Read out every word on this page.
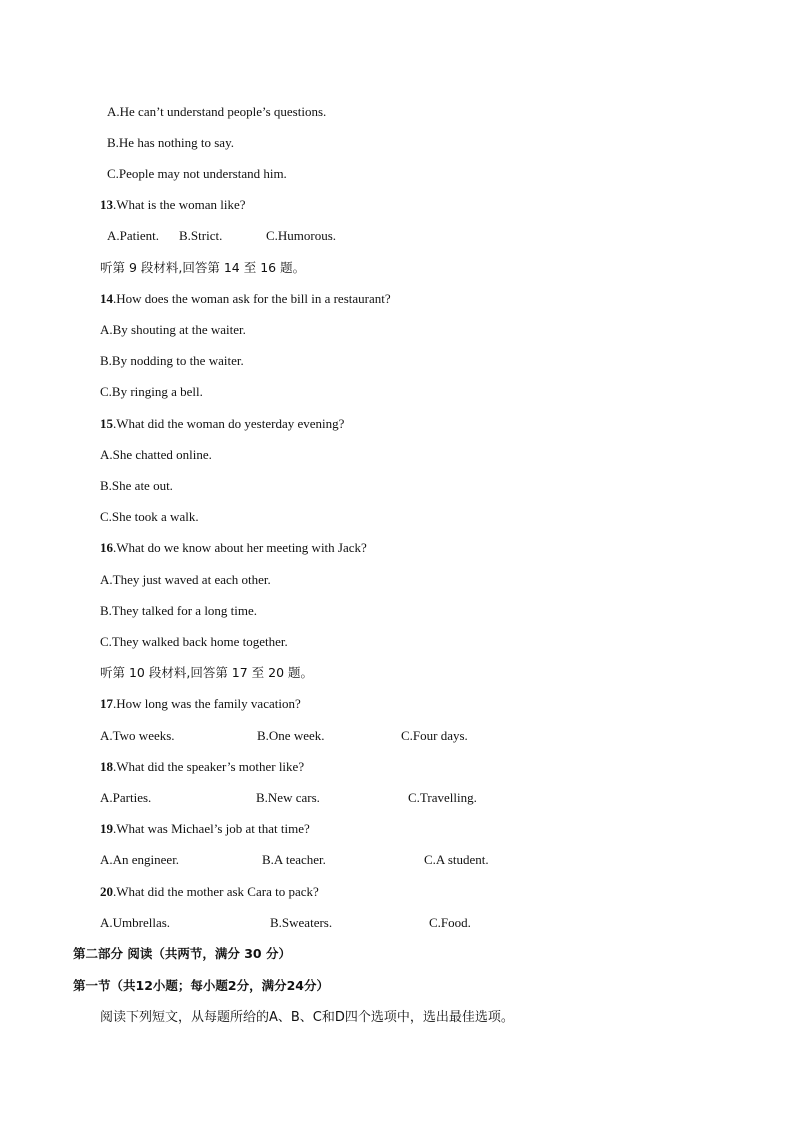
A.He can’t understand people’s questions.
B.He has nothing to say.
C.People may not understand him.
13.What is the woman like?
A.Patient. B.Strict.	C.Humorous.
听第 9 段材料,回答第 14 至 16 题。
14.How does the woman ask for the bill in a restaurant?
A.By shouting at the waiter.
B.By nodding to the waiter.
C.By ringing a bell.
15.What did the woman do yesterday evening?
A.She chatted online.
B.She ate out.
C.She took a walk.
16.What do we know about her meeting with Jack?
A.They just waved at each other.
B.They talked for a long time.
C.They walked back home together.
听第 10 段材料,回答第 17 至 20 题。
17.How long was the family vacation?
A.Two weeks.	B.One week.	C.Four days.
18.What did the speaker’s mother like?
A.Parties.	B.New cars.	C.Travelling.
19.What was Michael’s job at that time?
A.An engineer.	B.A teacher.	C.A student.
20.What did the mother ask Cara to pack?
A.Umbrellas.	B.Sweaters.	C.Food.
第二部分 阅读（共两节，满分 30 分）
第一节（共12小题；每小题2分，满分24分）
阅读下列短文，从每题所给的A、B、C和D四个选项中，选出最佳选项。
